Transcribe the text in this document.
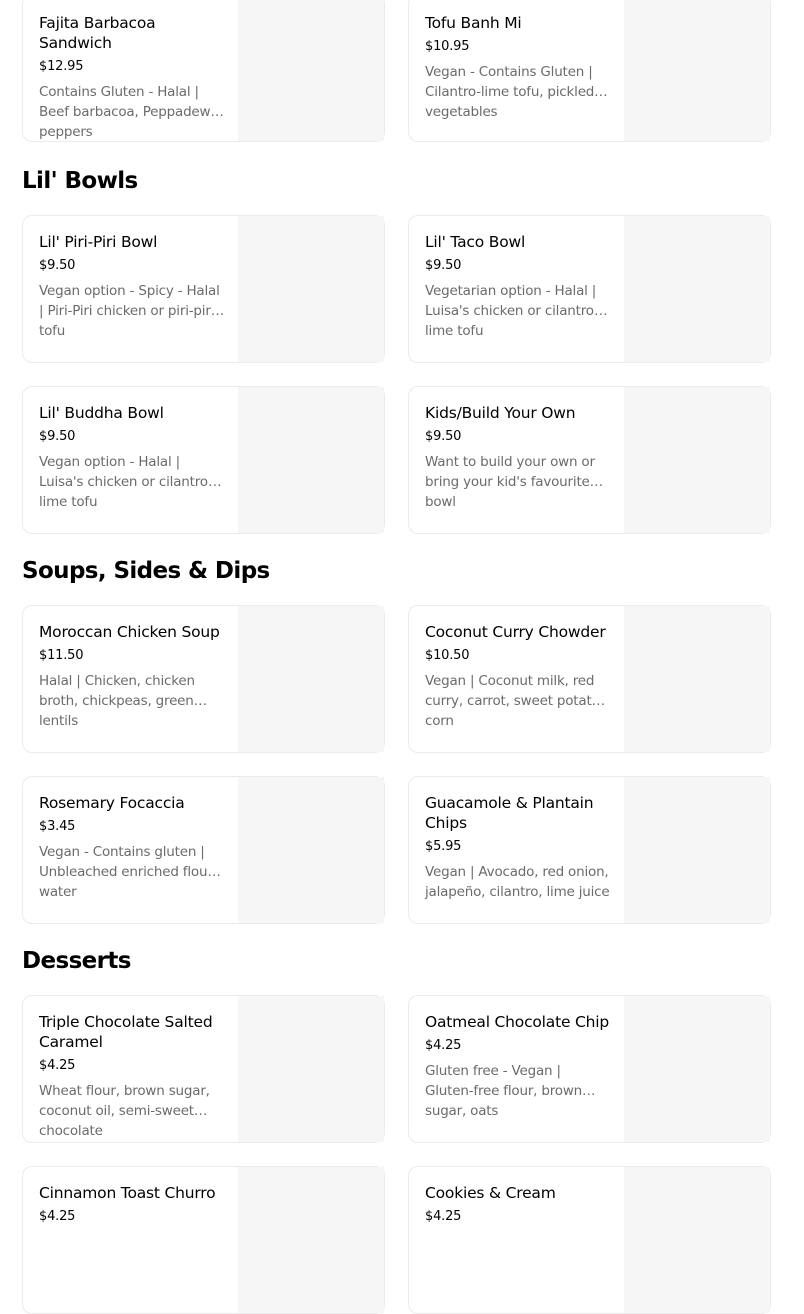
Lil' Bowls
Soups, Sides & Dips
Desserts
Fajita Barbacoa Sandwich
$12.95
Contains Gluten - Halal | Beef barbacoa, Peppadew peppers
Tofu Banh Mi
$10.95
Vegan - Contains Gluten | Cilantro-lime tofu, pickled vegetables
Lil' Piri-Piri Bowl
$9.50
Vegan option - Spicy - Halal | Piri-Piri chicken or piri-piri tofu
Lil' Taco Bowl
$9.50
Vegetarian option - Halal | Luisa's chicken or cilantro-lime tofu
Lil' Buddha Bowl
$9.50
Vegan option - Halal | Luisa's chicken or cilantro-lime tofu
Kids/Build Your Own
$9.50
Want to build your own or bring your kid's favourite bowl
Moroccan Chicken Soup
$11.50
Halal | Chicken, chicken broth, chickpeas, green lentils
Coconut Curry Chowder
$10.50
Vegan | Coconut milk, red curry, carrot, sweet potato, corn
Rosemary Focaccia
$3.45
Vegan - Contains gluten | Unbleached enriched flour, water
Guacamole & Plantain Chips
$5.95
Vegan | Avocado, red onion, jalapeño, cilantro, lime juice
Triple Chocolate Salted Caramel
$4.25
Wheat flour, brown sugar, coconut oil, semi-sweet chocolate
Oatmeal Chocolate Chip
$4.25
Gluten free - Vegan | Gluten-free flour, brown sugar, oats
Cinnamon Toast Churro
$4.25
Cookies & Cream
$4.25
